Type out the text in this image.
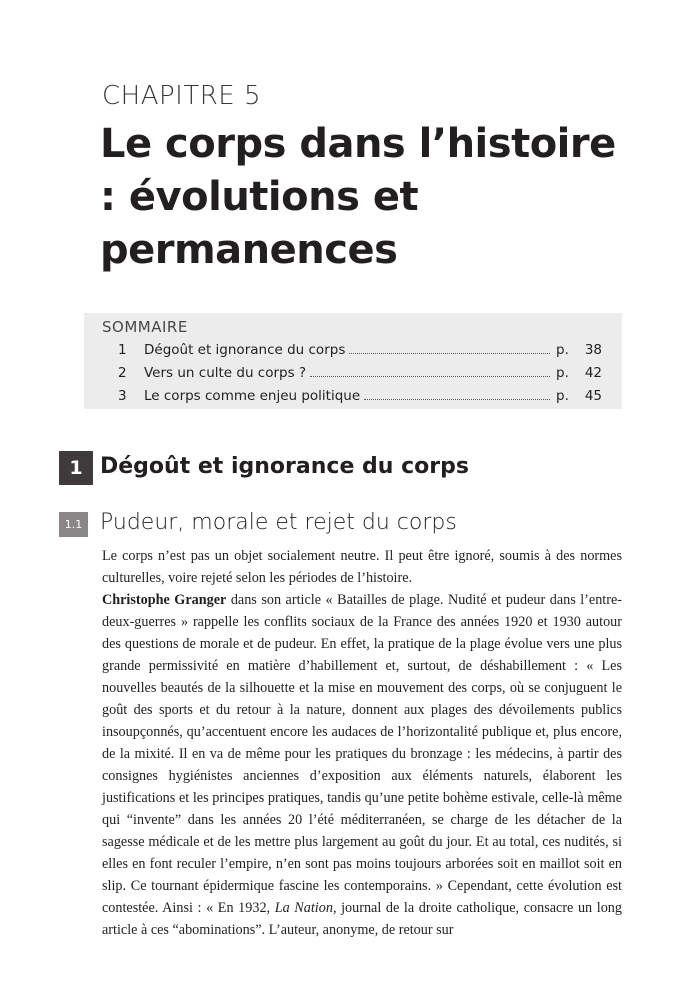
CHAPITRE 5
Le corps dans l’histoire : évolutions et permanences
SOMMAIRE
1	Dégoût et ignorance du corps	p. 38
2	Vers un culte du corps ?	p. 42
3	Le corps comme enjeu politique	p. 45
1 Dégoût et ignorance du corps
1.1 Pudeur, morale et rejet du corps

Le corps n’est pas un objet socialement neutre. Il peut être ignoré, soumis à des normes culturelles, voire rejeté selon les périodes de l’histoire.

Christophe Granger dans son article « Batailles de plage. Nudité et pudeur dans l’entre-deux-guerres » rappelle les conflits sociaux de la France des années 1920 et 1930 autour des questions de morale et de pudeur. En effet, la pratique de la plage évolue vers une plus grande permissivité en matière d’habillement et, surtout, de déshabillement : « Les nouvelles beautés de la silhouette et la mise en mouvement des corps, où se conjuguent le goût des sports et du retour à la nature, donnent aux plages des dévoilements publics insoupçonnés, qu’accentuent encore les audaces de l’horizontalité publique et, plus encore, de la mixité. Il en va de même pour les pratiques du bronzage : les médecins, à partir des consignes hygiénistes anciennes d’exposition aux éléments naturels, élaborent les justifications et les principes pratiques, tandis qu’une petite bohème estivale, celle-là même qui “invente” dans les années 20 l’été méditerranéen, se charge de les détacher de la sagesse médicale et de les mettre plus largement au goût du jour. Et au total, ces nudités, si elles en font reculer l’empire, n’en sont pas moins toujours arborées soit en maillot soit en slip. Ce tournant épidermique fascine les contemporains. » Cependant, cette évolution est contestée. Ainsi : « En 1932, La Nation, journal de la droite catholique, consacre un long article à ces “abominations”. L’auteur, anonyme, de retour sur
